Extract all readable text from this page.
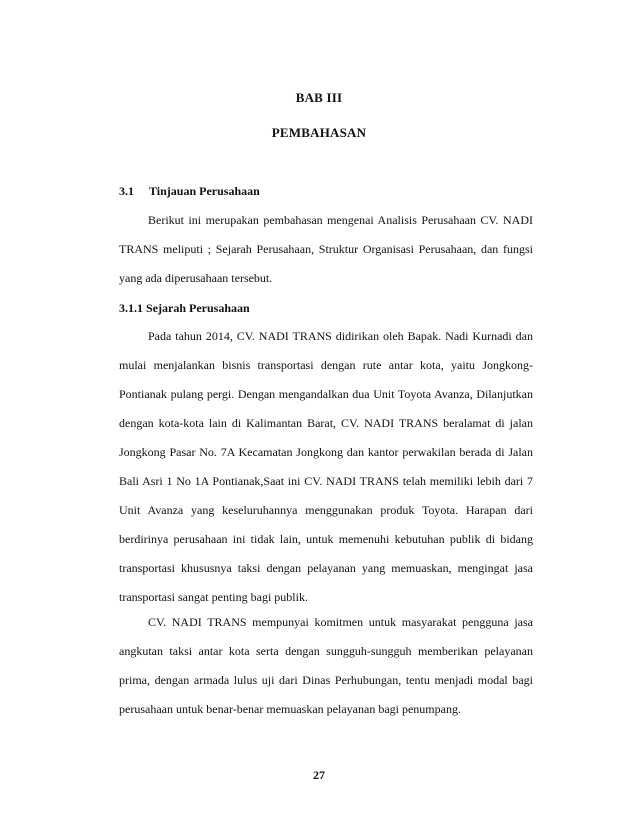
BAB III
PEMBAHASAN
3.1 Tinjauan Perusahaan

Berikut ini merupakan pembahasan mengenai Analisis Perusahaan CV. NADI TRANS meliputi ; Sejarah Perusahaan, Struktur Organisasi Perusahaan, dan fungsi yang ada diperusahaan tersebut.

3.1.1 Sejarah Perusahaan

Pada tahun 2014, CV. NADI TRANS didirikan oleh Bapak. Nadi Kurnadi dan mulai menjalankan bisnis transportasi dengan rute antar kota, yaitu Jongkong-Pontianak pulang pergi. Dengan mengandalkan dua Unit Toyota Avanza, Dilanjutkan dengan kota-kota lain di Kalimantan Barat, CV. NADI TRANS beralamat di jalan Jongkong Pasar No. 7A Kecamatan Jongkong dan kantor perwakilan berada di Jalan Bali Asri 1 No 1A Pontianak,Saat ini CV. NADI TRANS telah memiliki lebih dari 7 Unit Avanza yang keseluruhannya menggunakan produk Toyota. Harapan dari berdirinya perusahaan ini tidak lain, untuk memenuhi kebutuhan publik di bidang transportasi khususnya taksi dengan pelayanan yang memuaskan, mengingat jasa transportasi sangat penting bagi publik.

CV. NADI TRANS mempunyai komitmen untuk masyarakat pengguna jasa angkutan taksi antar kota serta dengan sungguh-sungguh memberikan pelayanan prima, dengan armada lulus uji dari Dinas Perhubungan, tentu menjadi modal bagi perusahaan untuk benar-benar memuaskan pelayanan bagi penumpang.

27
